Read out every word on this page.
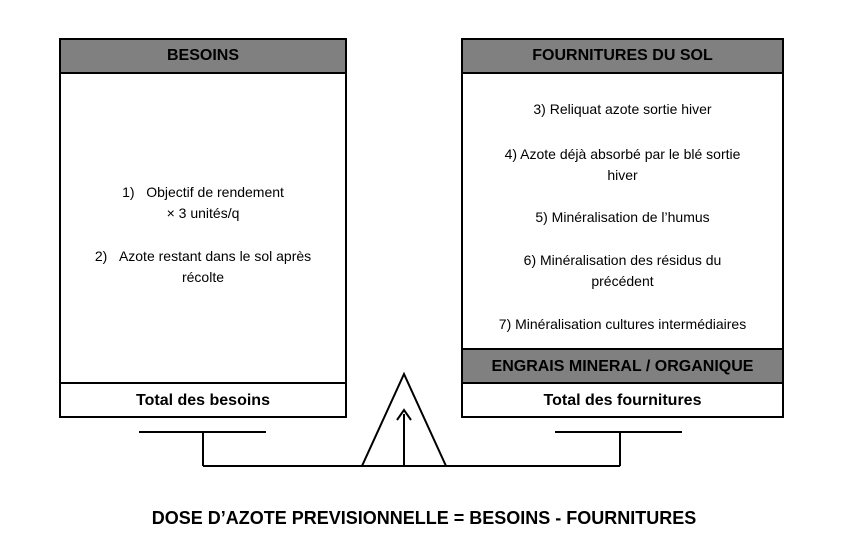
BESOINS
1) Objectif de rendement
× 3 unités/q
2) Azote restant dans le sol après
récolte
Total des besoins
FOURNITURES DU SOL
3) Reliquat azote sortie hiver
4) Azote déjà absorbé par le blé sortie
hiver
5) Minéralisation de l’humus
6) Minéralisation des résidus du
précédent
7) Minéralisation cultures intermédiaires
ENGRAIS MINERAL / ORGANIQUE
Total des fournitures
DOSE D’AZOTE PREVISIONNELLE = BESOINS - FOURNITURES
